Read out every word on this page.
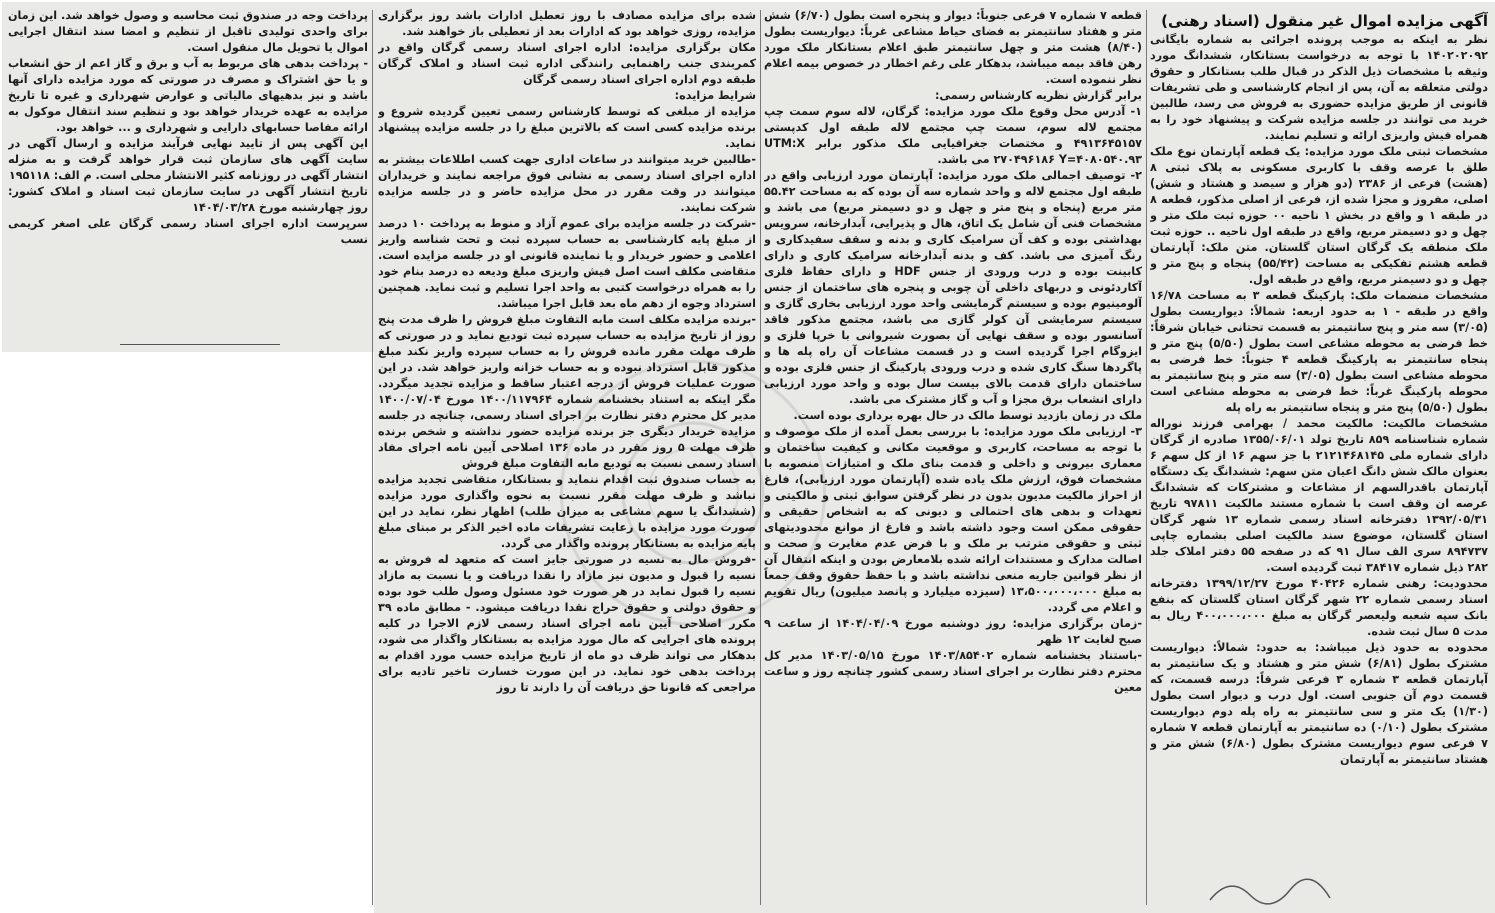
آگهی مزایده اموال غیر منقول (اسناد رهنی)

نظر به اینکه به موجب پرونده اجرائی به شماره بایگانی ۱۴۰۲۰۲۰۹۲ با توجه به درخواست بستانکار، ششدانگ مورد وثیقه با مشخصات ذیل الذکر در قبال طلب بستانکار و حقوق دولتی متعلقه به آن، پس از انجام کارشناسی و طی تشریفات قانونی از طریق مزایده حضوری به فروش می رسد، طالبین خرید می توانند در جلسه مزایده شرکت و پیشنهاد خود را به همراه فیش واریزی ارائه و تسلیم نمایند.

مشخصات ثبتی ملک مورد مزایده: یک قطعه آپارتمان نوع ملک طلق با عرصه وقف با کاربری مسکونی به پلاک ثبتی ۸ (هشت) فرعی از ۲۳۸۶ (دو هزار و سیصد و هشتاد و شش) اصلی، مفروز و مجزا شده از، فرعی از اصلی مذکور، قطعه ۸ در طبقه ۱ و واقع در بخش ۱ ناحیه ۰۰ حوزه ثبت ملک متر و چهل و دو دسیمتر مربع، واقع در طبقه اول ناحیه .. حوزه ثبت ملک منطقه یک گرگان استان گلستان. متن ملک: آپارتمان قطعه هشتم تفکیکی به مساحت (۵۵/۴۲) پنجاه و پنج متر و چهل و دو دسیمتر مربع، واقع در طبقه اول.

مشخصات منضمات ملک: پارکینگ قطعه ۳ به مساحت ۱۶/۷۸ واقع در طبقه - ۱ به حدود اربعه: شمالاً: دیواریست بطول (۳/۰۵) سه متر و پنج سانتیمتر به قسمت تحتانی خیابان شرقاً: خط فرضی به محوطه مشاعی است بطول (۵/۵۰) پنج متر و پنجاه سانتیمتر به پارکینگ قطعه ۴ جنوباً: خط فرضی به محوطه مشاعی است بطول (۳/۰۵) سه متر و پنج سانتیمتر به محوطه پارکینگ غرباً: خط فرضی به محوطه مشاعی است بطول (۵/۵۰) پنج متر و پنجاه سانتیمتر به راه پله

مشخصات مالکیت: مالکیت محمد / بهرامی فرزند نوراله شماره شناسنامه ۸۵۹ تاریخ تولد ۱۳۵۵/۰۶/۰۱ صادره از گرگان دارای شماره ملی ۲۱۲۱۴۶۸۱۴۵ با جز سهم ۱۶ از کل سهم ۶ بعنوان مالک شش دانگ اعیان متن سهم: ششدانگ یک دستگاه آپارتمان باقدرالسهم از مشاعات و مشترکات که ششدانگ عرصه ان وقف است با شماره مستند مالکیت ۹۷۸۱۱ تاریخ ۱۳۹۲/۰۵/۳۱ دفترخانه اسناد رسمی شماره ۱۳ شهر گرگان استان گلستان، موضوع سند مالکیت اصلی بشماره چاپی ۸۹۴۷۳۷ سری الف سال ۹۱ که در صفحه ۵۵ دفتر املاک جلد ۲۸۲ ذیل شماره ۳۸۴۱۷ ثبت گردیده است.

محدودیت: رهنی شماره ۴۰۴۲۶ مورخ ۱۳۹۹/۱۲/۲۷ دفترخانه اسناد رسمی شماره ۲۲ شهر گرگان استان گلستان که بنفع بانک سپه شعبه ولیعصر گرگان به مبلغ ۴۰۰،۰۰۰،۰۰۰ ریال به مدت ۵ سال ثبت شده.

محدوده به حدود ذیل میباشد: به حدود: شمالاً: دیواریست مشترک بطول (۶/۸۱) شش متر و هشتاد و یک سانتیمتر به آپارتمان قطعه ۳ شماره ۳ فرعی شرقاً: درسه قسمت، که قسمت دوم آن جنوبی است. اول درب و دیوار است بطول (۱/۳۰) یک متر و سی سانتیمتر به راه پله دوم دیواریست مشترک بطول (۰/۱۰) ده سانتیمتر به آپارتمان قطعه ۷ شماره ۷ فرعی سوم دیواریست مشترک بطول (۶/۸۰) شش متر و هشتاد سانتیمتر به آپارتمان

قطعه ۷ شماره ۷ فرعی جنوباً: دیوار و پنجره است بطول (۶/۷۰) شش متر و هفتاد سانتیمتر به فضای حیاط مشاعی غرباً: دیواریست بطول (۸/۴۰) هشت متر و چهل سانتیمتر طبق اعلام بستانکار ملک مورد رهن فاقد بیمه میباشد، بدهکار علی رغم اخطار در خصوص بیمه اعلام نظر ننموده است.

برابر گزارش نظریه کارشناس رسمی:

۱- آدرس محل وقوع ملک مورد مزایده: گرگان، لاله سوم سمت چپ مجتمع لاله سوم، سمت چپ مجتمع لاله طبقه اول کدپستی ۴۹۱۳۶۴۵۱۵۷ و مختصات جغرافیایی ملک مذکور برابر UTM:X ۲۷۰۴۹۶۱۸۶ Y=۴۰۸۰۵۴۰.۹۳ می باشد.

۲- توصیف اجمالی ملک مورد مزایده: آپارتمان مورد ارزیابی واقع در طبقه اول مجتمع لاله و واحد شماره سه آن بوده که به مساحت ۵۵.۴۲ متر مربع (پنجاه و پنج متر و چهل و دو دسیمتر مربع) می باشد و مشخصات فنی آن شامل یک اتاق، هال و پذیرایی، آبدارخانه، سرویس بهداشتی بوده و کف آن سرامیک کاری و بدنه و سقف سفیدکاری و رنگ آمیزی می باشد. کف و بدنه آبدارخانه سرامیک کاری و دارای کابینت بوده و درب ورودی از جنس HDF و دارای حفاظ فلزی آکاردئونی و دربهای داخلی آن چوبی و پنجره های ساختمان از جنس آلومینیوم بوده و سیستم گرمایشی واحد مورد ارزیابی بخاری گازی و سیستم سرمایشی آن کولر گازی می باشد، مجتمع مذکور فاقد آسانسور بوده و سقف نهایی آن بصورت شیروانی با خرپا فلزی و ایزوگام اجرا گردیده است و در قسمت مشاعات آن راه پله ها و پاگردها سنگ کاری شده و درب ورودی پارکینگ از جنس فلزی بوده و ساختمان دارای قدمت بالای بیست سال بوده و واحد مورد ارزیابی دارای انشعاب برق مجزا و آب و گاز مشترک می باشد.

ملک در زمان بازدید توسط مالک در حال بهره برداری بوده است.

۳- ارزیابی ملک مورد مزایده: با بررسی بعمل آمده از ملک موصوف و با توجه به مساحت، کاربری و موقعیت مکانی و کیفیت ساختمان و معماری بیرونی و داخلی و قدمت بنای ملک و امتیازات منصوبه با مشخصات فوق، ارزش ملک یاده شده (آپارتمان مورد ارزیابی)، فارغ از احراز مالکیت مدیون بدون در نظر گرفتن سوابق ثبتی و مالکیتی و تعهدات و بدهی های احتمالی و دیونی که به اشخاص حقیقی و حقوقی ممکن است وجود داشته باشد و فارغ از موانع محدودیتهای ثبتی و حقوقی مترتب بر ملک و با فرض عدم مغایرت و صحت و اصالت مدارک و مستندات ارائه شده بلامعارض بودن و اینکه انتقال آن از نظر قوانین جاریه منعی نداشته باشد و با حفظ حقوق وقف جمعاً به مبلغ ۱۳،۵۰۰،۰۰۰،۰۰۰ (سیزده میلیارد و پانصد میلیون) ریال تقویم و اعلام می گردد.

-زمان برگزاری مزایده: روز دوشنبه مورخ ۱۴۰۴/۰۴/۰۹ از ساعت ۹ صبح لغایت ۱۲ ظهر

-باستناد بخشنامه شماره ۱۴۰۳/۸۵۴۰۲ مورخ ۱۴۰۳/۰۵/۱۵ مدیر کل محترم دفتر نظارت بر اجرای اسناد رسمی کشور چنانچه روز و ساعت معین

شده برای مزایده مصادف با روز تعطیل ادارات باشد روز برگزاری مزایده، روزی خواهد بود که ادارات بعد از تعطیلی باز خواهند شد.

مکان برگزاری مزایده: اداره اجرای اسناد رسمی گرگان واقع در کمربندی جنب راهنمایی رانندگی اداره ثبت اسناد و املاک گرگان طبقه دوم اداره اجرای اسناد رسمی گرگان

شرایط مزایده:

مزایده از مبلغی که توسط کارشناس رسمی تعیین گردیده شروع و برنده مزایده کسی است که بالاترین مبلغ را در جلسه مزایده پیشنهاد نماید.

-طالبین خرید میتوانند در ساعات اداری جهت کسب اطلاعات بیشتر به اداره اجرای اسناد رسمی به نشانی فوق مراجعه نمایند و خریداران میتوانند در وقت مقرر در محل مزایده حاضر و در جلسه مزایده شرکت نمایند.

-شرکت در جلسه مزایده برای عموم آزاد و منوط به پرداخت ۱۰ درصد از مبلغ پایه کارشناسی به حساب سپرده ثبت و تحت شناسه واریز اعلامی و حضور خریدار و یا نماینده قانونی او در جلسه مزایده است. متقاضی مکلف است اصل فیش واریزی مبلغ ودیعه ده درصد بنام خود را به همراه درخواست کتبی به واحد اجرا تسلیم و ثبت نماید. همچنین استرداد وجوه از دهم ماه بعد قابل اجرا میباشد.

-برنده مزایده مکلف است مابه التفاوت مبلغ فروش را ظرف مدت پنج روز از تاریخ مزایده به حساب سپرده ثبت تودیع نماید و در صورتی که ظرف مهلت مقرر مانده فروش را به حساب سپرده واریز نکند مبلغ مذکور قابل استرداد نبوده و به حساب خزانه واریز خواهد شد. در این صورت عملیات فروش از درجه اعتبار ساقط و مزایده تجدید میگردد. مگر اینکه به استناد بخشنامه شماره ۱۴۰۰/۱۱۷۹۶۴ مورخ ۱۴۰۰/۰۷/۰۴ مدیر کل محترم دفتر نظارت بر اجرای اسناد رسمی، چنانچه در جلسه مزایده خریدار دیگری جز برنده مزایده حضور نداشته و شخص برنده ظرف مهلت ۵ روز مقرر در ماده ۱۳۶ اصلاحی آیین نامه اجرای مفاد اسناد رسمی نسبت به تودیع مابه التفاوت مبلغ فروش

به حساب صندوق ثبت اقدام ننماید و بستانکار، متقاضی تجدید مزایده نباشد و ظرف مهلت مقرر نسبت به نحوه واگذاری مورد مزایده (ششدانگ یا سهم مشاعی به میزان طلب) اظهار نظر، نماید در این صورت مورد مزایده با رعایت تشریفات ماده اخیر الذکر بر مبنای مبلغ پایه مزایده به بستانکار پرونده واگذار می گردد.

-فروش مال به نسیه در صورتی جایز است که متعهد له فروش به نسیه را قبول و مدیون نیز مازاد را نقدا دریافت و یا نسبت به مازاد نسیه را قبول نماید در هر صورت خود مسئول وصول طلب خود بوده و حقوق دولتی و حقوق حراج نقدا دریافت میشود. - مطابق ماده ۳۹ مکرر اصلاحی آیین نامه اجرای اسناد رسمی لازم الاجرا در کلیه پرونده های اجرایی که مال مورد مزایده به بستانکار واگذار می شود، بدهکار می تواند ظرف دو ماه از تاریخ مزایده حسب مورد اقدام به پرداخت بدهی خود نماید. در این صورت خسارت تاخیر تادیه برای مراجعی که قانونا حق دریافت آن را دارند تا روز

پرداخت وجه در صندوق ثبت محاسبه و وصول خواهد شد. این زمان برای واحدی تولیدی تاقبل از تنظیم و امضا سند انتقال اجرایی اموال یا تحویل مال منقول است.

- پرداخت بدهی های مربوط به آب و برق و گاز اعم از حق انشعاب و یا حق اشتراک و مصرف در صورتی که مورد مزایده دارای آنها باشد و نیز بدهیهای مالیاتی و عوارض شهرداری و غیره تا تاریخ مزایده به عهده خریدار خواهد بود و تنظیم سند انتقال موکول به ارائه مفاصا حسابهای دارایی و شهرداری و ... خواهد بود.

این آگهی پس از تایید نهایی فرآیند مزایده و ارسال آگهی در سایت آگهی های سازمان ثبت قرار خواهد گرفت و به منزله انتشار آگهی در روزنامه کثیر الانتشار محلی است. م الف: ۱۹۵۱۱۸

تاریخ انتشار آگهی در سایت سازمان ثبت اسناد و املاک کشور: روز چهارشنبه مورخ ۱۴۰۴/۰۳/۲۸

سرپرست اداره اجرای اسناد رسمی گرگان علی اصغر کریمی نسب
